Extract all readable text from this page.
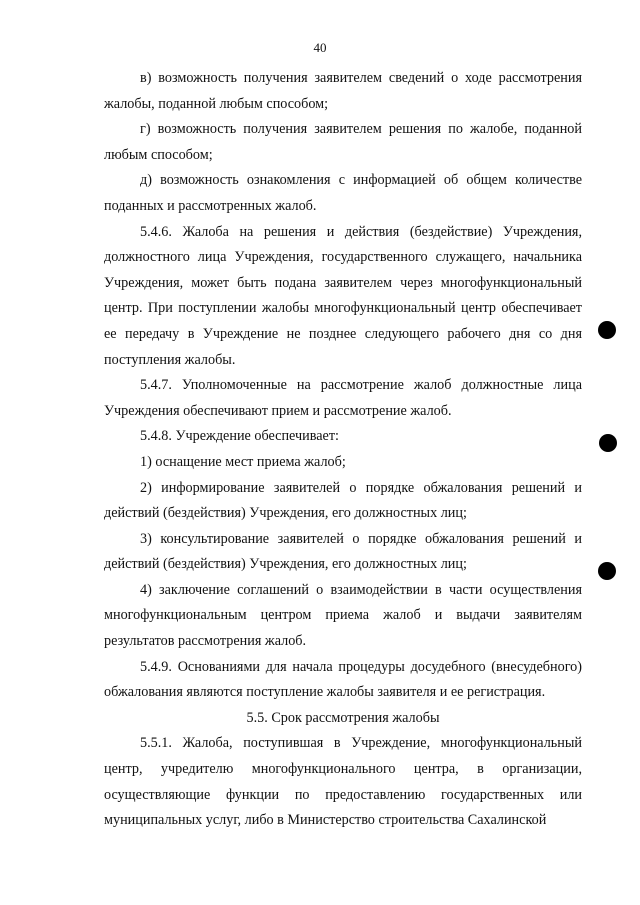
40

в) возможность получения заявителем сведений о ходе рассмотрения жалобы, поданной любым способом;

г) возможность получения заявителем решения по жалобе, поданной любым способом;

д) возможность ознакомления с информацией об общем количестве поданных и рассмотренных жалоб.

5.4.6. Жалоба на решения и действия (бездействие) Учреждения, должностного лица Учреждения, государственного служащего, начальника Учреждения, может быть подана заявителем через многофункциональный центр. При поступлении жалобы многофункциональный центр обеспечивает ее передачу в Учреждение не позднее следующего рабочего дня со дня поступления жалобы.

5.4.7. Уполномоченные на рассмотрение жалоб должностные лица Учреждения обеспечивают прием и рассмотрение жалоб.

5.4.8. Учреждение обеспечивает:

1) оснащение мест приема жалоб;

2) информирование заявителей о порядке обжалования решений и действий (бездействия) Учреждения, его должностных лиц;

3) консультирование заявителей о порядке обжалования решений и действий (бездействия) Учреждения, его должностных лиц;

4) заключение соглашений о взаимодействии в части осуществления многофункциональным центром приема жалоб и выдачи заявителям результатов рассмотрения жалоб.

5.4.9. Основаниями для начала процедуры досудебного (внесудебного) обжалования являются поступление жалобы заявителя и ее регистрация.

5.5. Срок рассмотрения жалобы

5.5.1. Жалоба, поступившая в Учреждение, многофункциональный центр, учредителю многофункционального центра, в организации, осуществляющие функции по предоставлению государственных или муниципальных услуг, либо в Министерство строительства Сахалинской
